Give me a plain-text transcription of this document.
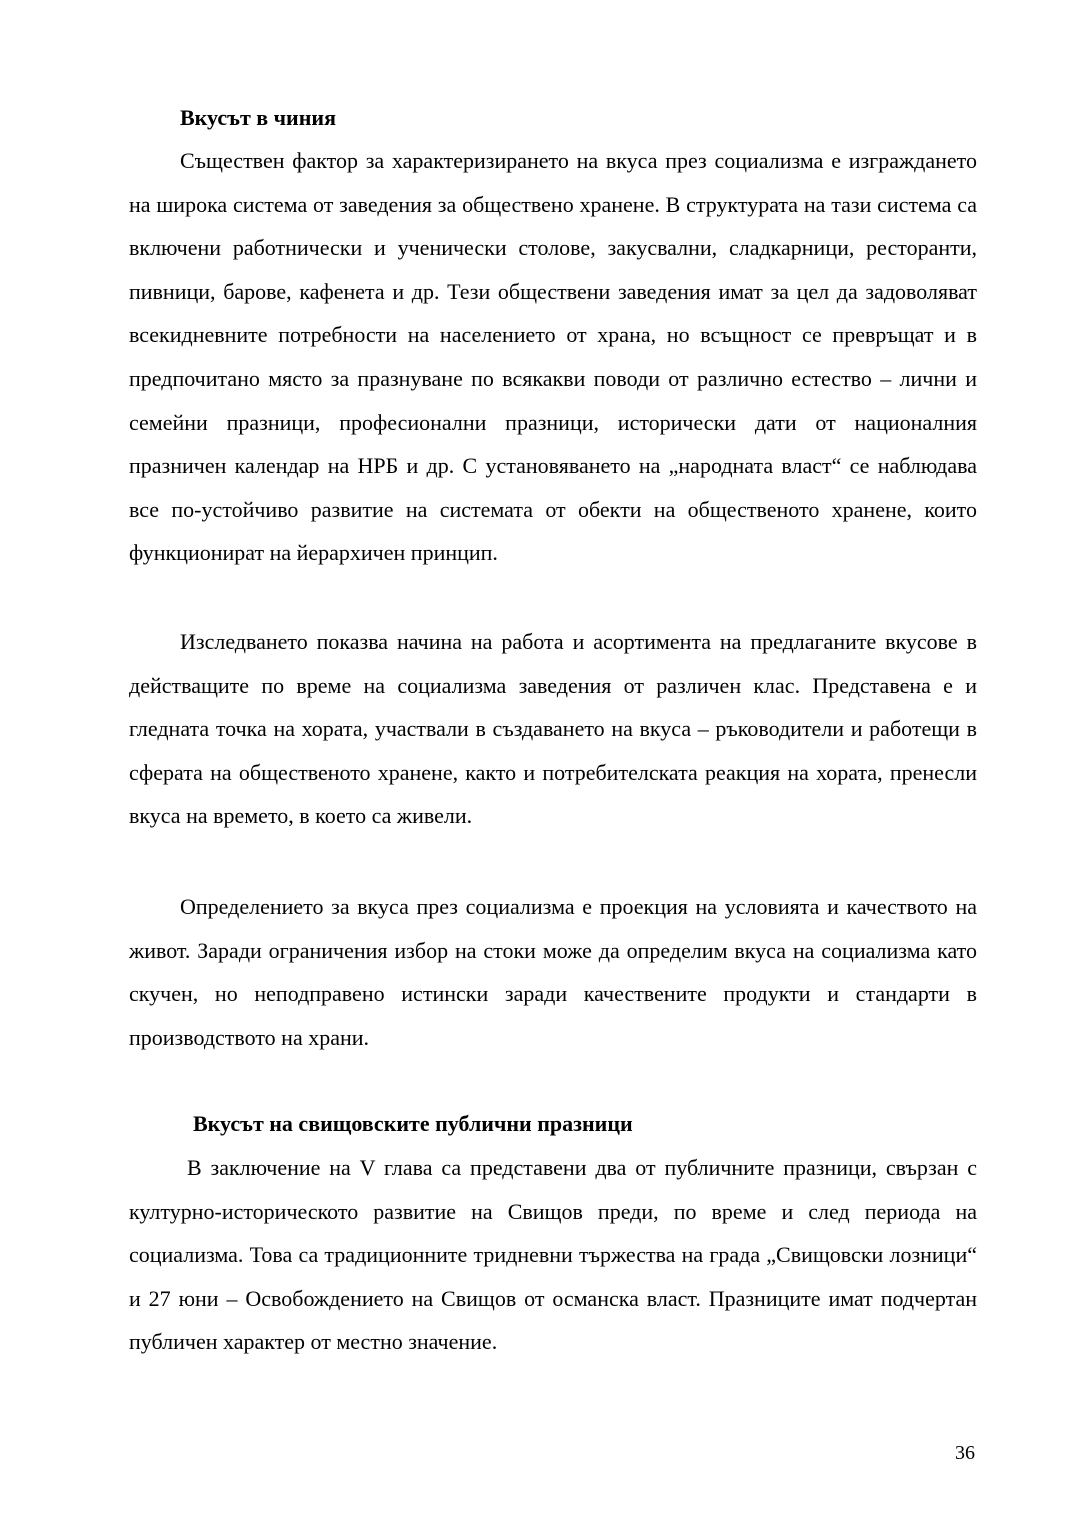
Вкусът в чиния

Съществен фактор за характеризирането на вкуса през социализма е изграждането на широка система от заведения за обществено хранене. В структурата на тази система са включени работнически и ученически столове, закусвални, сладкарници, ресторанти, пивници, барове, кафенета и др. Тези обществени заведения имат за цел да задоволяват всекидневните потребности на населението от храна, но всъщност се превръщат и в предпочитано място за празнуване по всякакви поводи от различно естество – лични и семейни празници, професионални празници, исторически дати от националния празничен календар на НРБ и др. С установяването на „народната власт“ се наблюдава все по-устойчиво развитие на системата от обекти на общественото хранене, които функционират на йерархичен принцип.

Изследването показва начина на работа и асортимента на предлаганите вкусове в действащите по време на социализма заведения от различен клас. Представена е и гледната точка на хората, участвали в създаването на вкуса – ръководители и работещи в сферата на общественото хранене, както и потребителската реакция на хората, пренесли вкуса на времето, в което са живели.

Определението за вкуса през социализма е проекция на условията и качеството на живот. Заради ограничения избор на стоки може да определим вкуса на социализма като скучен, но неподправено истински заради качествените продукти и стандарти в производството на храни.

Вкусът на свищовските публични празници

В заключение на V глава са представени два от публичните празници, свързан с културно-историческото развитие на Свищов преди, по време и след периода на социализма. Това са традиционните тридневни тържества на града „Свищовски лозници“ и 27 юни – Освобождението на Свищов от османска власт. Празниците имат подчертан публичен характер от местно значение.

36
